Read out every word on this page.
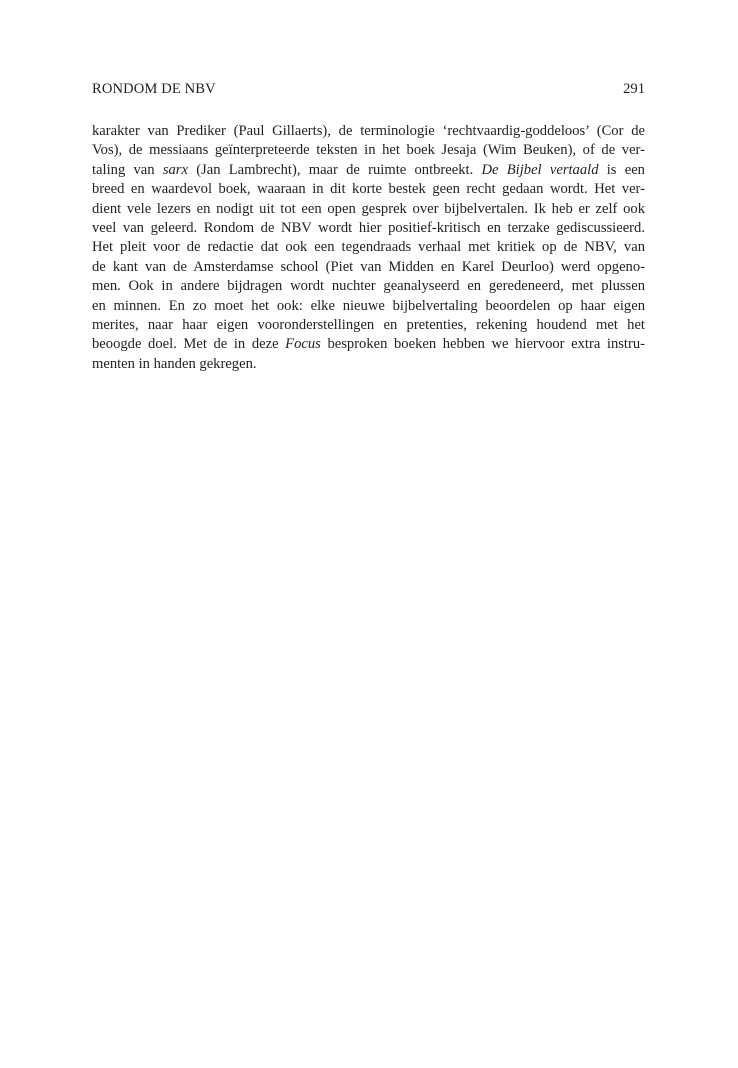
RONDOM DE NBV	291
karakter van Prediker (Paul Gillaerts), de terminologie ‘rechtvaardig-goddeloos’ (Cor de
Vos), de messiaans geïnterpreteerde teksten in het boek Jesaja (Wim Beuken), of de ver-
taling van sarx (Jan Lambrecht), maar de ruimte ontbreekt. De Bijbel vertaald is een
breed en waardevol boek, waaraan in dit korte bestek geen recht gedaan wordt. Het ver-
dient vele lezers en nodigt uit tot een open gesprek over bijbelvertalen. Ik heb er zelf ook
veel van geleerd. Rondom de NBV wordt hier positief-kritisch en terzake gediscussieerd.
Het pleit voor de redactie dat ook een tegendraads verhaal met kritiek op de NBV, van
de kant van de Amsterdamse school (Piet van Midden en Karel Deurloo) werd opgeno-
men. Ook in andere bijdragen wordt nuchter geanalyseerd en geredeneerd, met plussen
en minnen. En zo moet het ook: elke nieuwe bijbelvertaling beoordelen op haar eigen
merites, naar haar eigen vooronderstellingen en pretenties, rekening houdend met het
beoogde doel. Met de in deze Focus besproken boeken hebben we hiervoor extra instru-
menten in handen gekregen.
